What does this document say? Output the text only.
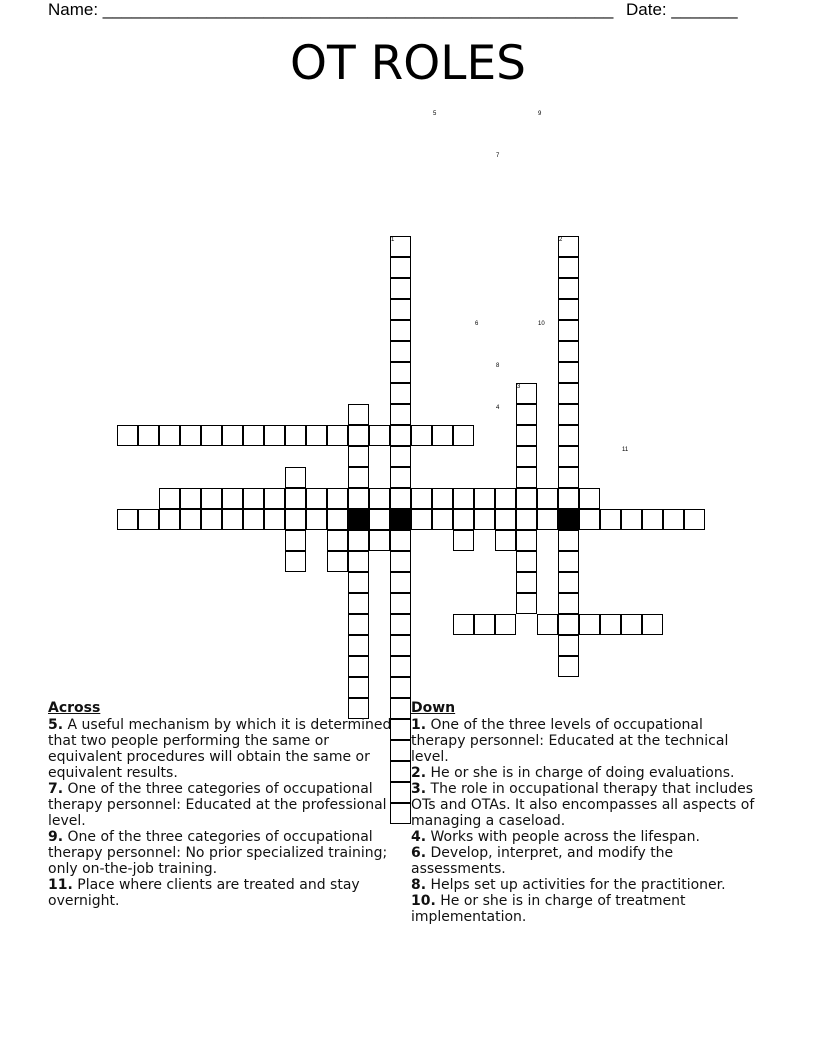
Name: ______________________________________________________ Date: _______
OT ROLES
1	2
3
4
5
6
7
8
9
10
11
Across

5. A useful mechanism by which it is determined that two people performing the same or equivalent procedures will obtain the same or equivalent results.

7. One of the three categories of occupational therapy personnel: Educated at the professional level.

9. One of the three categories of occupational therapy personnel: No prior specialized training; only on-the-job training.

11. Place where clients are treated and stay overnight.

Down

1. One of the three levels of occupational therapy personnel: Educated at the technical level.

2. He or she is in charge of doing evaluations.

3. The role in occupational therapy that includes OTs and OTAs. It also encompasses all aspects of managing a caseload.

4. Works with people across the lifespan.

6. Develop, interpret, and modify the assessments.

8. Helps set up activities for the practitioner.

10. He or she is in charge of treatment implementation.
